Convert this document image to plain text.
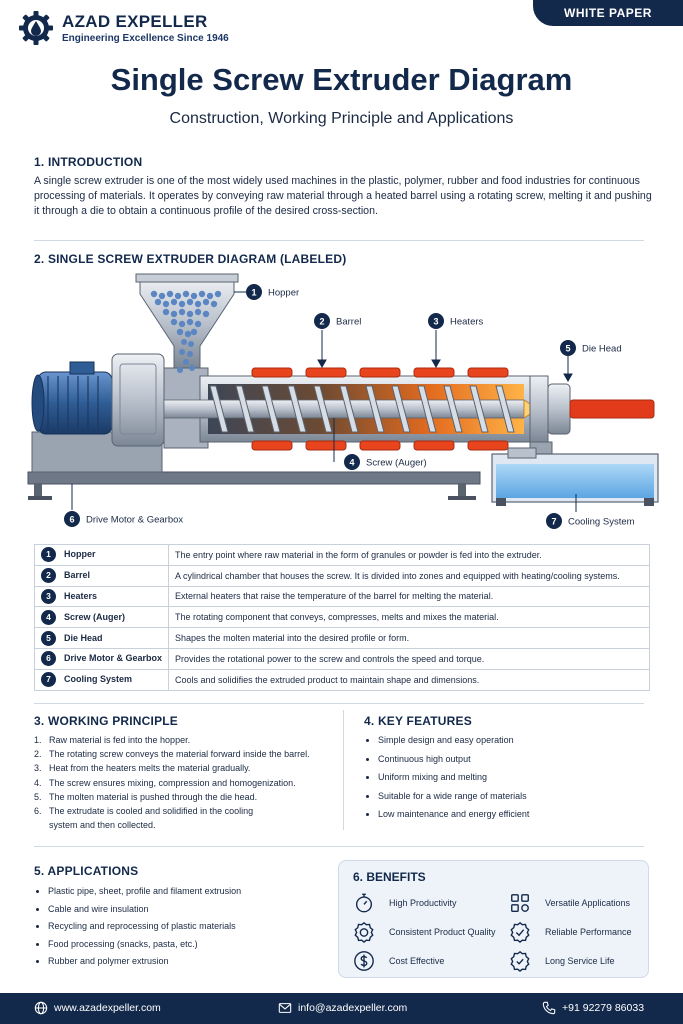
AZAD EXPELLER
Engineering Excellence Since 1946
WHITE PAPER
Single Screw Extruder Diagram
Construction, Working Principle and Applications
1. INTRODUCTION
A single screw extruder is one of the most widely used machines in the plastic, polymer, rubber and food industries for continuous processing of materials. It operates by conveying raw material through a heated barrel using a rotating screw, melting it and pushing it through a die to obtain a continuous profile of the desired cross-section.
2. SINGLE SCREW EXTRUDER DIAGRAM (LABELED)
1 Hopper
2 Barrel	3 Heaters
4 Screw (Auger)
5 Die Head
6 Drive Motor & Gearbox	7 Cooling System
1 Hopper	The entry point where raw material in the form of granules or powder is fed into the extruder.
2 Barrel	A cylindrical chamber that houses the screw. It is divided into zones and equipped with heating/cooling systems.
3 Heaters	External heaters that raise the temperature of the barrel for melting the material.
4 Screw (Auger)	The rotating component that conveys, compresses, melts and mixes the material.
5 Die Head	Shapes the molten material into the desired profile or form.
6 Drive Motor & Gearbox	Provides the rotational power to the screw and controls the speed and torque.
7 Cooling System	Cools and solidifies the extruded product to maintain shape and dimensions.
3. WORKING PRINCIPLE
1. Raw material is fed into the hopper.
2. The rotating screw conveys the material forward inside the barrel.
3. Heat from the heaters melts the material gradually.
4. The screw ensures mixing, compression and homogenization.
5. The molten material is pushed through the die head.
6. The extrudate is cooled and solidified in the cooling system and then collected.
4. KEY FEATURES
Simple design and easy operation
Continuous high output
Uniform mixing and melting
Suitable for a wide range of materials
Low maintenance and energy efficient
5. APPLICATIONS
Plastic pipe, sheet, profile and filament extrusion
Cable and wire insulation
Recycling and reprocessing of plastic materials
Food processing (snacks, pasta, etc.)
Rubber and polymer extrusion
6. BENEFITS
High Productivity	Versatile Applications
Consistent Product Quality	Reliable Performance
Cost Effective	Long Service Life
www.azadexpeller.com	info@azadexpeller.com	+91 92279 86033
